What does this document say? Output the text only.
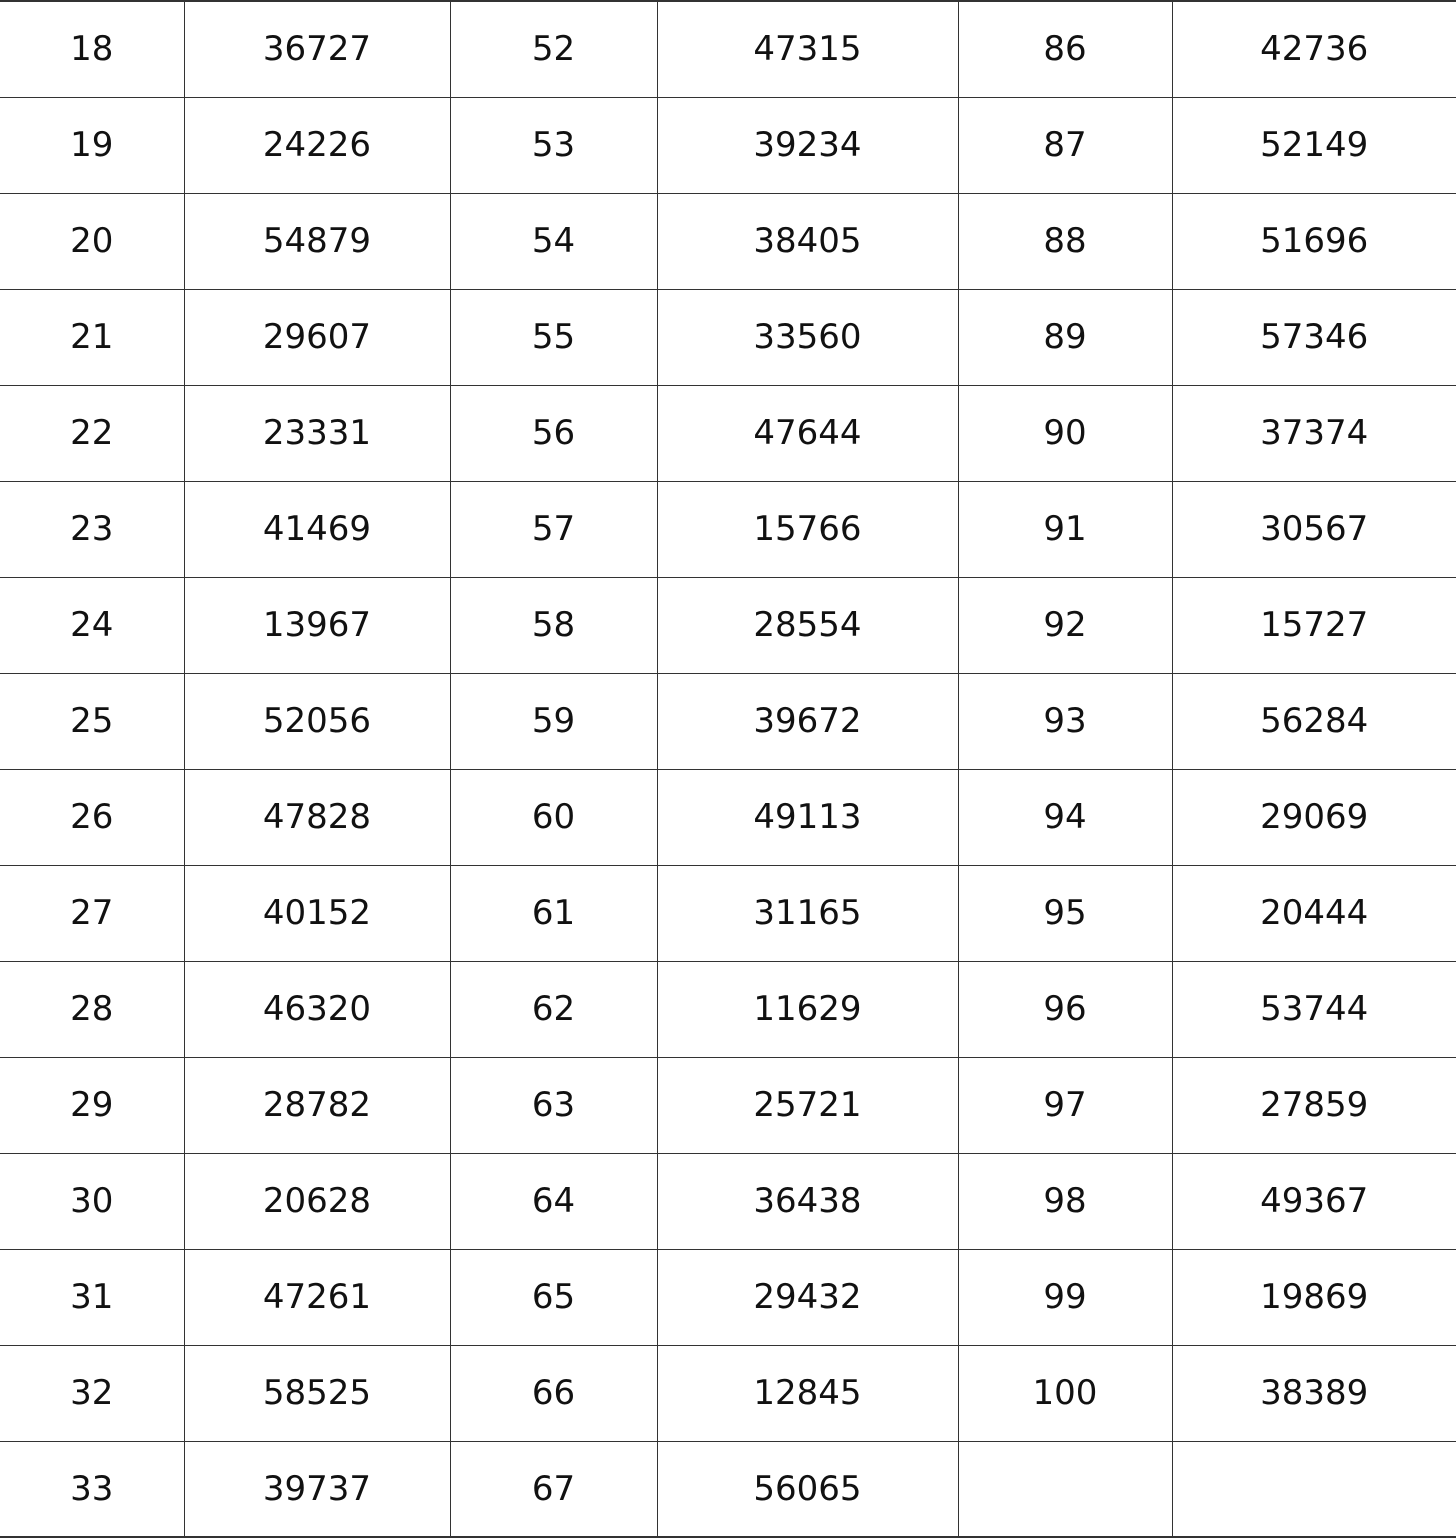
18	36727	52	47315	86	42736
19	24226	53	39234	87	52149
20	54879	54	38405	88	51696
21	29607	55	33560	89	57346
22	23331	56	47644	90	37374
23	41469	57	15766	91	30567
24	13967	58	28554	92	15727
25	52056	59	39672	93	56284
26	47828	60	49113	94	29069
27	40152	61	31165	95	20444
28	46320	62	11629	96	53744
29	28782	63	25721	97	27859
30	20628	64	36438	98	49367
31	47261	65	29432	99	19869
32	58525	66	12845	100	38389
33	39737	67	56065		
